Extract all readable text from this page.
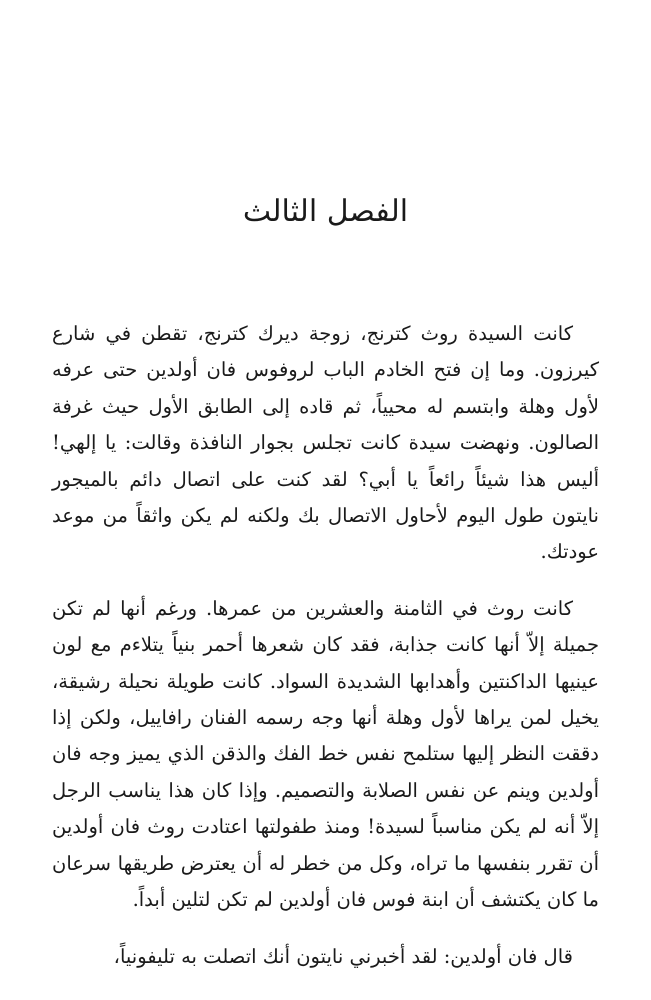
الفصل الثالث

كانت السيدة روث كترنج، زوجة ديرك كترنج، تقطن في شارع كيرزون. وما إن فتح الخادم الباب لروفوس فان أولدين حتى عرفه لأول وهلة وابتسم له محيياً، ثم قاده إلى الطابق الأول حيث غرفة الصالون. ونهضت سيدة كانت تجلس بجوار النافذة وقالت: يا إلهي! أليس هذا شيئاً رائعاً يا أبي؟ لقد كنت على اتصال دائم بالميجور نايتون طول اليوم لأحاول الاتصال بك ولكنه لم يكن واثقاً من موعد عودتك.

كانت روث في الثامنة والعشرين من عمرها. ورغم أنها لم تكن جميلة إلاّ أنها كانت جذابة، فقد كان شعرها أحمر بنياً يتلاءم مع لون عينيها الداكنتين وأهدابها الشديدة السواد. كانت طويلة نحيلة رشيقة، يخيل لمن يراها لأول وهلة أنها وجه رسمه الفنان رافاييل، ولكن إذا دققت النظر إليها ستلمح نفس خط الفك والذقن الذي يميز وجه فان أولدين وينم عن نفس الصلابة والتصميم. وإذا كان هذا يناسب الرجل إلاّ أنه لم يكن مناسباً لسيدة! ومنذ طفولتها اعتادت روث فان أولدين أن تقرر بنفسها ما تراه، وكل من خطر له أن يعترض طريقها سرعان ما كان يكتشف أن ابنة فوس فان أولدين لم تكن لتلين أبداً.

قال فان أولدين: لقد أخبرني نايتون أنك اتصلت به تليفونياً،
